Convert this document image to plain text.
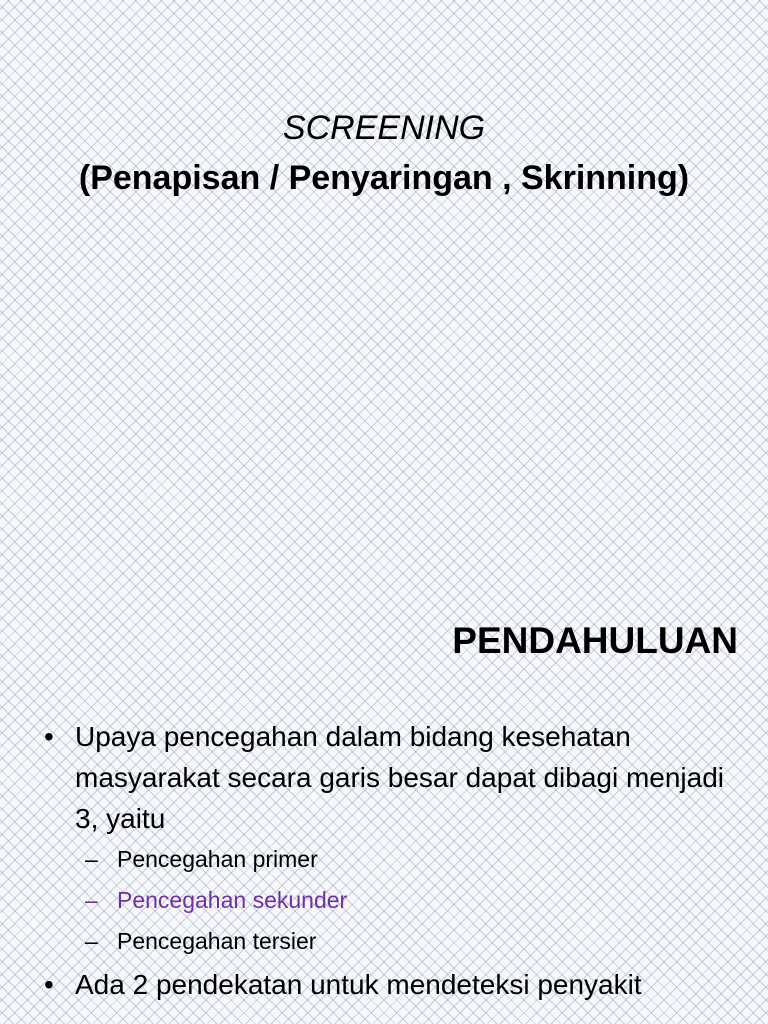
SCREENING
(Penapisan / Penyaringan , Skrinning)
PENDAHULUAN
• Upaya pencegahan dalam bidang kesehatan masyarakat secara garis besar dapat dibagi menjadi 3, yaitu
– Pencegahan primer
– Pencegahan sekunder
– Pencegahan tersier
• Ada 2 pendekatan untuk mendeteksi penyakit
